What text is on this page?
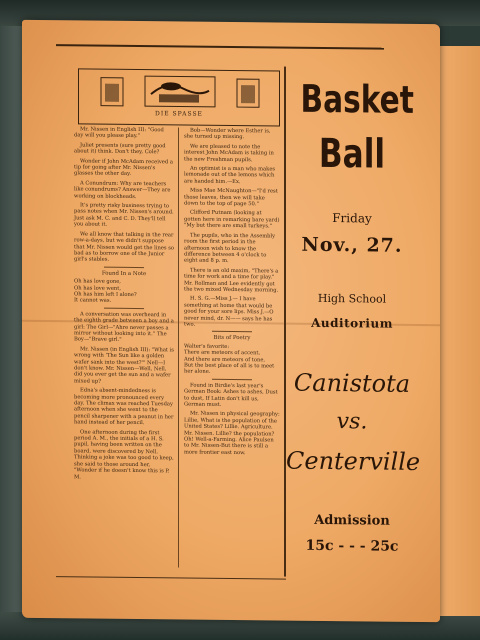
DIE SPASSE

Mr. Nissen in English III: "Good day will you please play."

Juliet presents (sure pretty good about it) think. Don't they, Cole?

Wonder if John McAdam received a tip for going after Mr. Nissen's glasses the other day.

A Conundrum: Why are teachers like conundrums? Answer—They are working on blockheads.

It's pretty risky business trying to pass notes when Mr. Nissen's around. Just ask M. C. and C. D. They'll tell you about it.

We all know that talking in the rear row-a-days, but we didn't suppose that Mr. Nissen would get the lines so bad as to borrow one of the Junior girl's stables.

Found In a Note
Oh has love gone,
Oh has love went,
Oh has him left I alone?
It cannot was.

A conversation was overheard in the eighth grade between a boy and a girl: The Girl—"Ahre never passes a mirror without looking into it." The Boy—"Brave girl."

Mr. Nissen (in English III): "What is wrong with 'The Sun like a golden wafer sank into the west?'" Nell—I don't know. Mr. Nissen—Well, Nell, did you ever get the sun and a wafer mixed up?

Edna's absent-mindedness is becoming more pronounced every day. The climax was reached Tuesday afternoon when she went to the pencil sharpener with a peanut in her hand instead of her pencil.

One afternoon during the first period A. M., the initials of a H. S. pupil, having been written on the board, were discovered by Nell. Thinking a joke was too good to keep, she said to those around her, "Wonder if he doesn't know this is P. M.

Bob—Wonder where Esther is, she turned up missing.

We are pleased to note the interest John McAdam is taking in the new Freshman pupils.

An optimist is a man who makes lemonade out of the lemons which are handed him.—Ex.

Miss Mae McNaughton—"I'd rest those leaves, then we will take down to the top of page 50."

Clifford Putnam (looking at gotten here in remarking bare yard) "My but there are small turkeys."

The pupils, who in the Assembly room the first period in the afternoon wish to know the difference between 4 o'clock to eight and 8 p. m.

There is an old maxim, "There's a time for work and a time for play." Mr. Rollman and Lee evidently got the two mixed Wednesday morning.

H. S. G.—Miss J.— I have something at home that would be good for your sore lips. Miss J.—O never mind, dr. N—— says he has two.

Bits of Poetry
Walter's favorite:
There are meteors of accent,
And there are meteors of tone,
But the best place of all is to meet her alone.

Found in Birdie's last year's German Book: Ashes to ashes, Dust to dust, If Latin don't kill us, German must.

Mr. Nissen in physical geography: Lillie, What is the population of the United States? Lillie. Agriculture. Mr. Nissen. Lillie? the population? Oh! Well-a-Farming. Alice Paulsen to Mr. Nissen-But there is still a more frontier east now.

Basket
Ball
Friday
Nov., 27.
High School
Auditorium
Canistota
vs.
Centerville
Admission
15c - - - 25c
